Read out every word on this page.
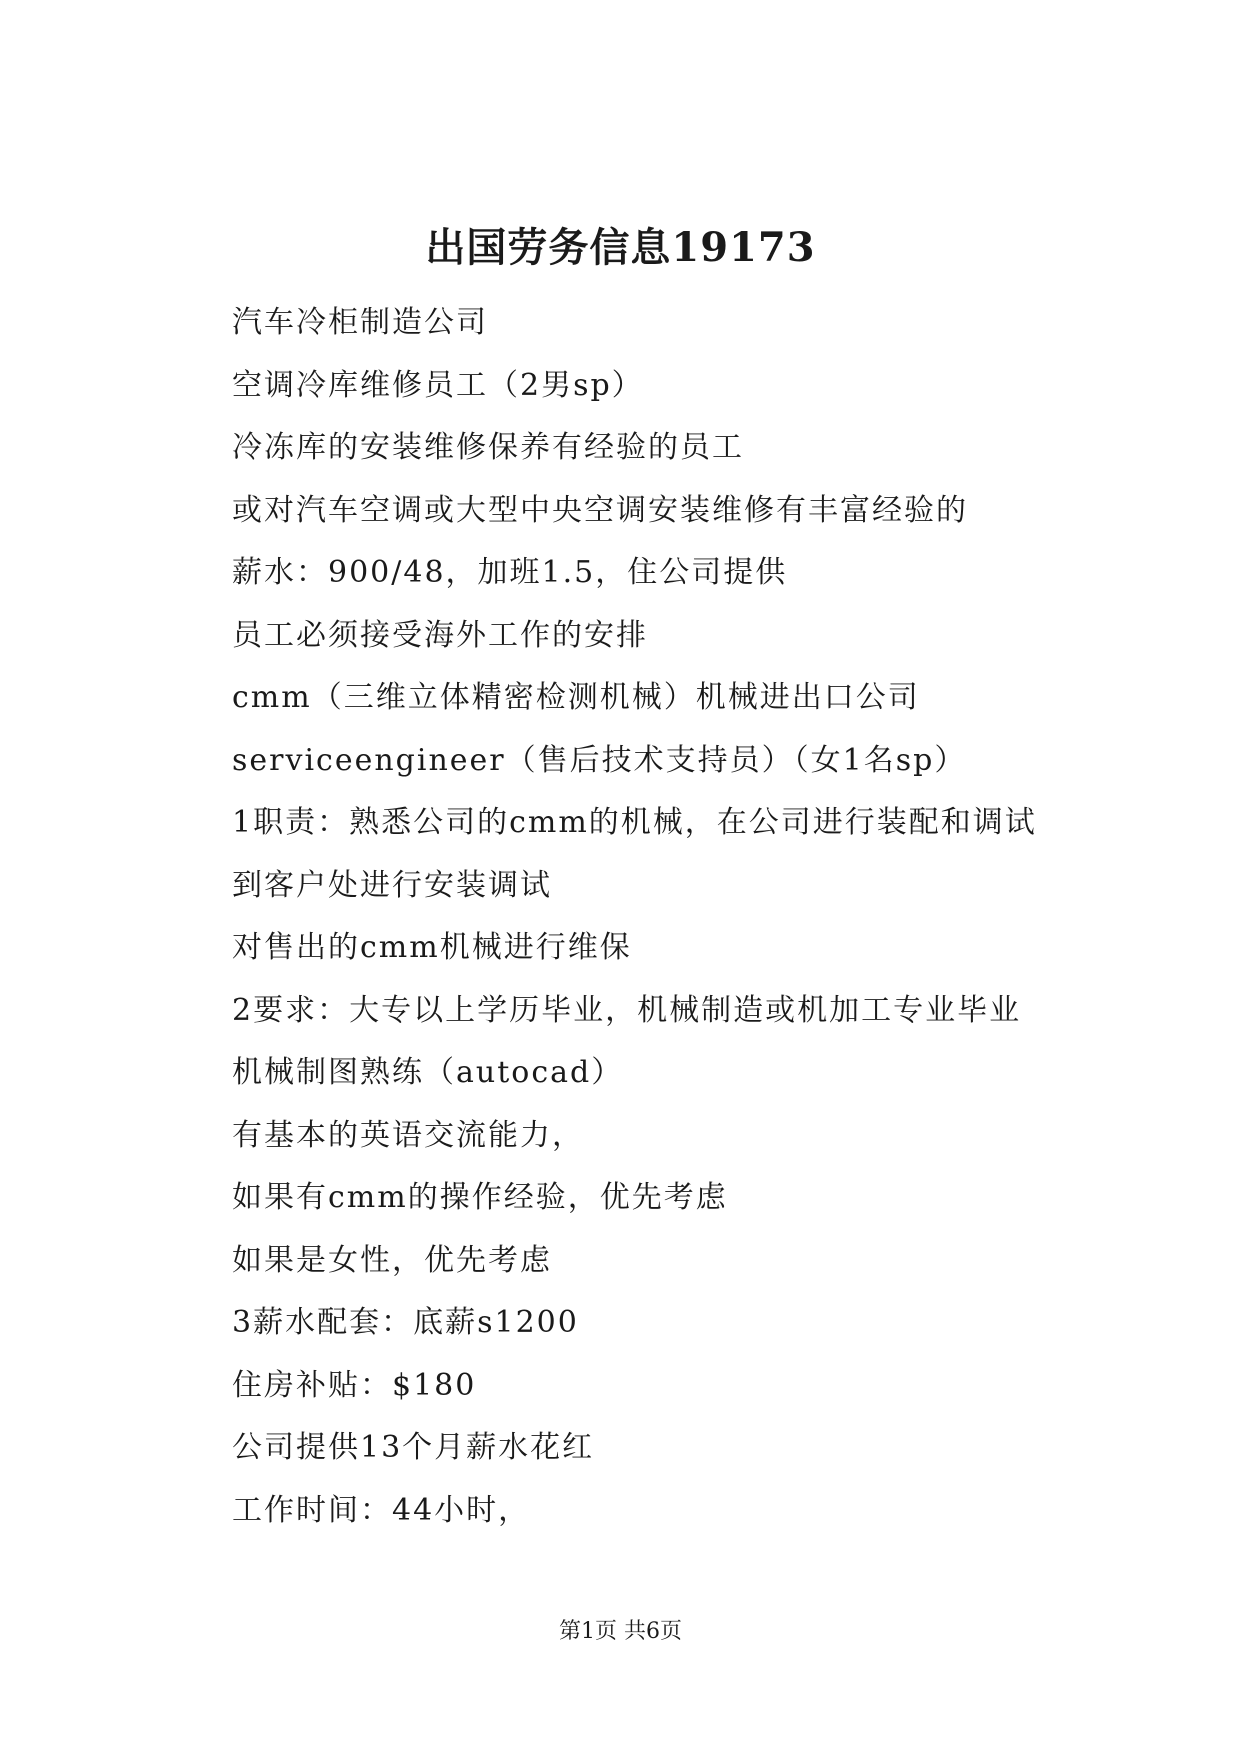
出国劳务信息19173
汽车冷柜制造公司
空调冷库维修员工（2男sp）
冷冻库的安装维修保养有经验的员工
或对汽车空调或大型中央空调安装维修有丰富经验的
薪水：900/48，加班1.5，住公司提供
员工必须接受海外工作的安排
cmm（三维立体精密检测机械）机械进出口公司
serviceengineer（售后技术支持员）（女1名sp）
1职责：熟悉公司的cmm的机械，在公司进行装配和调试
到客户处进行安装调试
对售出的cmm机械进行维保
2要求：大专以上学历毕业，机械制造或机加工专业毕业
机械制图熟练（autocad）
有基本的英语交流能力，
如果有cmm的操作经验，优先考虑
如果是女性，优先考虑
3薪水配套：底薪s1200
住房补贴：$180
公司提供13个月薪水花红
工作时间：44小时，
第1页 共6页
